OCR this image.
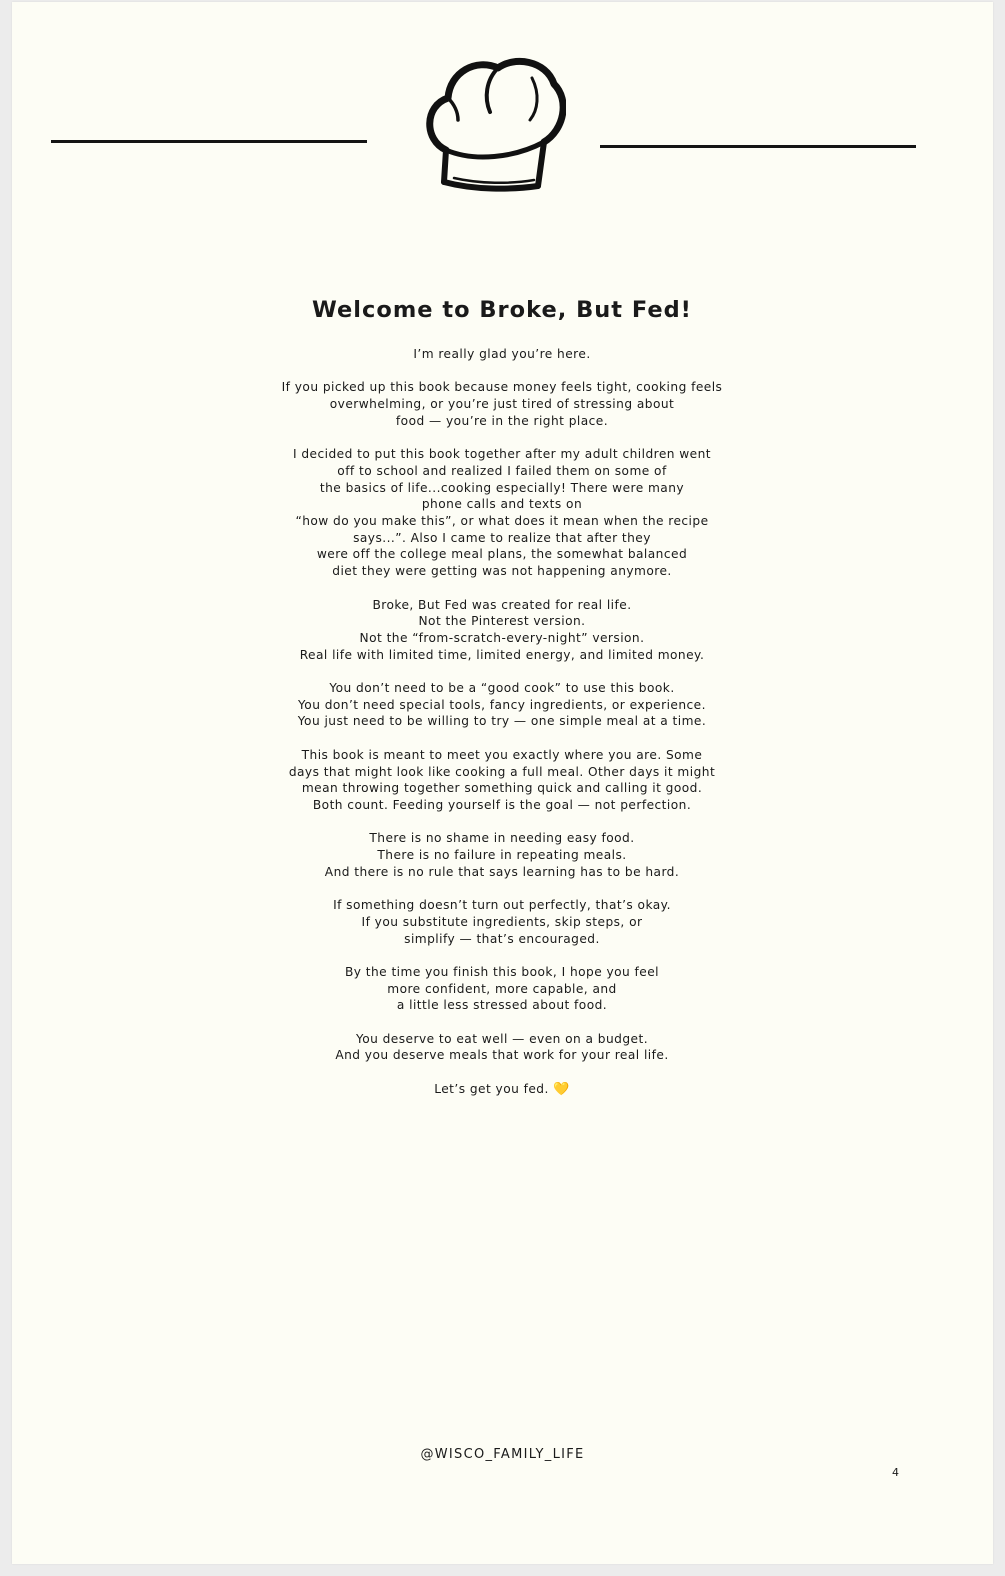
Welcome to Broke, But Fed!
I’m really glad you’re here.
If you picked up this book because money feels tight, cooking feels
overwhelming, or you’re just tired of stressing about
food — you’re in the right place.
I decided to put this book together after my adult children went
off to school and realized I failed them on some of
the basics of life...cooking especially! There were many
phone calls and texts on
“how do you make this”, or what does it mean when the recipe
says...”. Also I came to realize that after they
were off the college meal plans, the somewhat balanced
diet they were getting was not happening anymore.
Broke, But Fed was created for real life.
Not the Pinterest version.
Not the “from-scratch-every-night” version.
Real life with limited time, limited energy, and limited money.
You don’t need to be a “good cook” to use this book.
You don’t need special tools, fancy ingredients, or experience.
You just need to be willing to try — one simple meal at a time.
This book is meant to meet you exactly where you are. Some
days that might look like cooking a full meal. Other days it might
mean throwing together something quick and calling it good.
Both count. Feeding yourself is the goal — not perfection.
There is no shame in needing easy food.
There is no failure in repeating meals.
And there is no rule that says learning has to be hard.
If something doesn’t turn out perfectly, that’s okay.
If you substitute ingredients, skip steps, or
simplify — that’s encouraged.
By the time you finish this book, I hope you feel
more confident, more capable, and
a little less stressed about food.
You deserve to eat well — even on a budget.
And you deserve meals that work for your real life.
Let’s get you fed. 💛
@WISCO_FAMILY_LIFE
4
